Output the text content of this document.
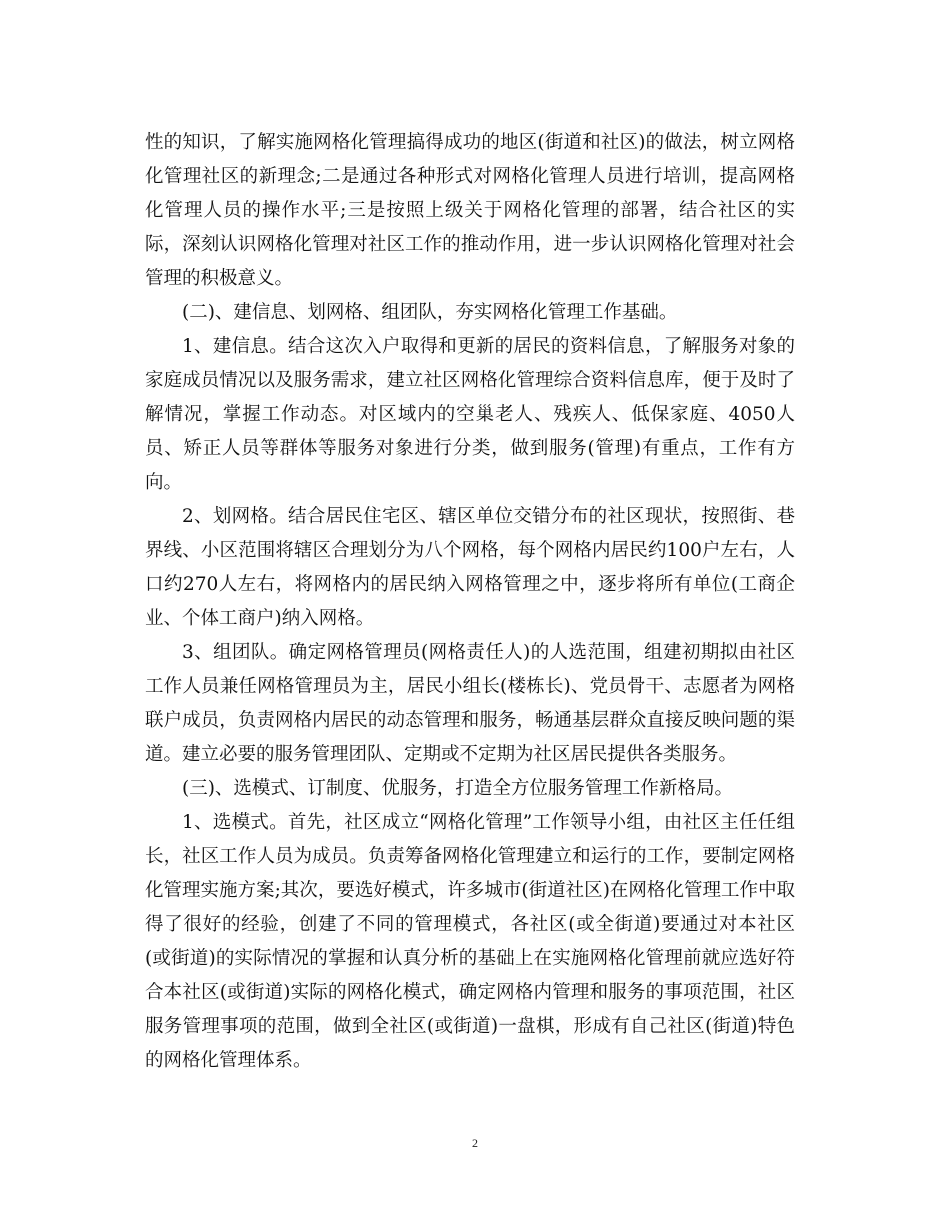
性的知识，了解实施网格化管理搞得成功的地区(街道和社区)的做法，树立网格化管理社区的新理念;二是通过各种形式对网格化管理人员进行培训，提高网格化管理人员的操作水平;三是按照上级关于网格化管理的部署，结合社区的实际，深刻认识网格化管理对社区工作的推动作用，进一步认识网格化管理对社会管理的积极意义。

(二)、建信息、划网格、组团队，夯实网格化管理工作基础。

1、建信息。结合这次入户取得和更新的居民的资料信息，了解服务对象的家庭成员情况以及服务需求，建立社区网格化管理综合资料信息库，便于及时了解情况，掌握工作动态。对区域内的空巢老人、残疾人、低保家庭、4050人员、矫正人员等群体等服务对象进行分类，做到服务(管理)有重点，工作有方向。

2、划网格。结合居民住宅区、辖区单位交错分布的社区现状，按照街、巷界线、小区范围将辖区合理划分为八个网格，每个网格内居民约100户左右，人口约270人左右，将网格内的居民纳入网格管理之中，逐步将所有单位(工商企业、个体工商户)纳入网格。

3、组团队。确定网格管理员(网格责任人)的人选范围，组建初期拟由社区工作人员兼任网格管理员为主，居民小组长(楼栋长)、党员骨干、志愿者为网格联户成员，负责网格内居民的动态管理和服务，畅通基层群众直接反映问题的渠道。建立必要的服务管理团队、定期或不定期为社区居民提供各类服务。

(三)、选模式、订制度、优服务，打造全方位服务管理工作新格局。

1、选模式。首先，社区成立“网格化管理”工作领导小组，由社区主任任组长，社区工作人员为成员。负责筹备网格化管理建立和运行的工作，要制定网格化管理实施方案;其次，要选好模式，许多城市(街道社区)在网格化管理工作中取得了很好的经验，创建了不同的管理模式，各社区(或全街道)要通过对本社区(或街道)的实际情况的掌握和认真分析的基础上在实施网格化管理前就应选好符合本社区(或街道)实际的网格化模式，确定网格内管理和服务的事项范围，社区服务管理事项的范围，做到全社区(或街道)一盘棋，形成有自己社区(街道)特色的网格化管理体系。

2
